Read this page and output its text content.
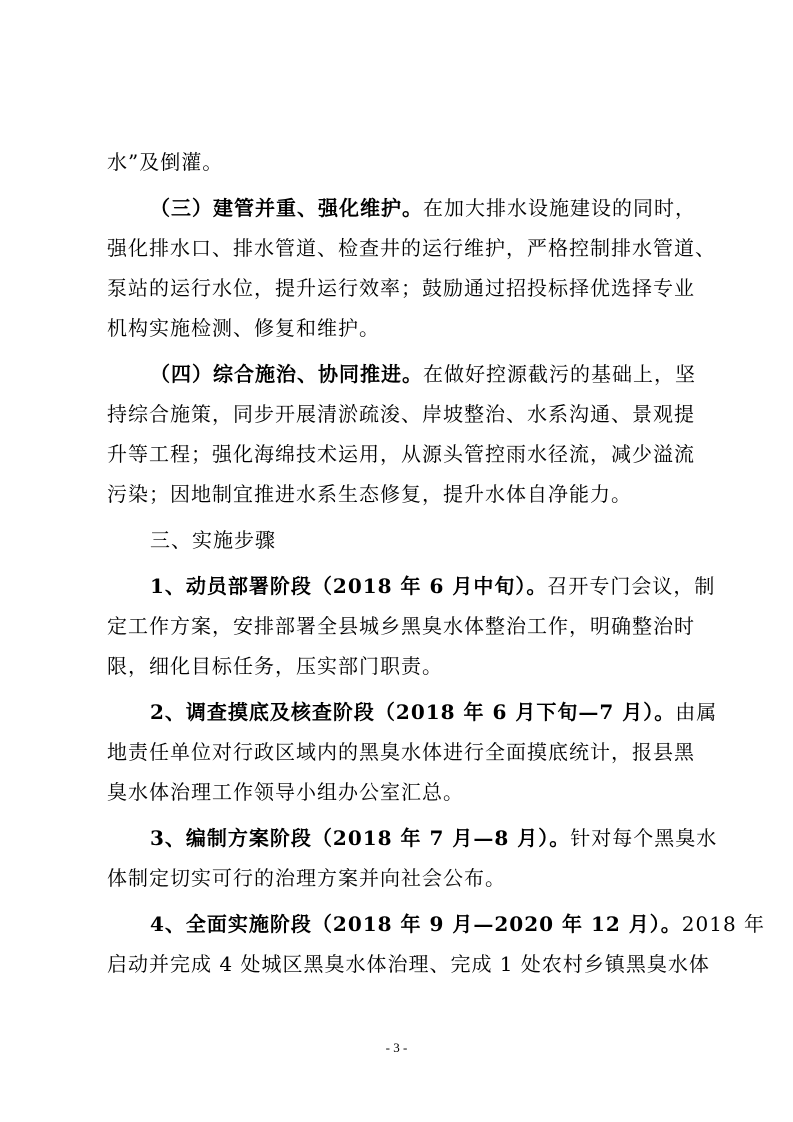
水”及倒灌。
（三）建管并重、强化维护。在加大排水设施建设的同时，
强化排水口、排水管道、检查井的运行维护，严格控制排水管道、
泵站的运行水位，提升运行效率；鼓励通过招投标择优选择专业
机构实施检测、修复和维护。
（四）综合施治、协同推进。在做好控源截污的基础上，坚
持综合施策，同步开展清淤疏浚、岸坡整治、水系沟通、景观提
升等工程；强化海绵技术运用，从源头管控雨水径流，减少溢流
污染；因地制宜推进水系生态修复，提升水体自净能力。
三、实施步骤
1、动员部署阶段（2018 年 6 月中旬）。召开专门会议，制
定工作方案，安排部署全县城乡黑臭水体整治工作，明确整治时
限，细化目标任务，压实部门职责。
2、调查摸底及核查阶段（2018 年 6 月下旬—7 月）。由属
地责任单位对行政区域内的黑臭水体进行全面摸底统计，报县黑
臭水体治理工作领导小组办公室汇总。
3、编制方案阶段（2018 年 7 月—8 月）。针对每个黑臭水
体制定切实可行的治理方案并向社会公布。
4、全面实施阶段（2018 年 9 月—2020 年 12 月）。2018 年
启动并完成 4 处城区黑臭水体治理、完成 1 处农村乡镇黑臭水体
- 3 -
